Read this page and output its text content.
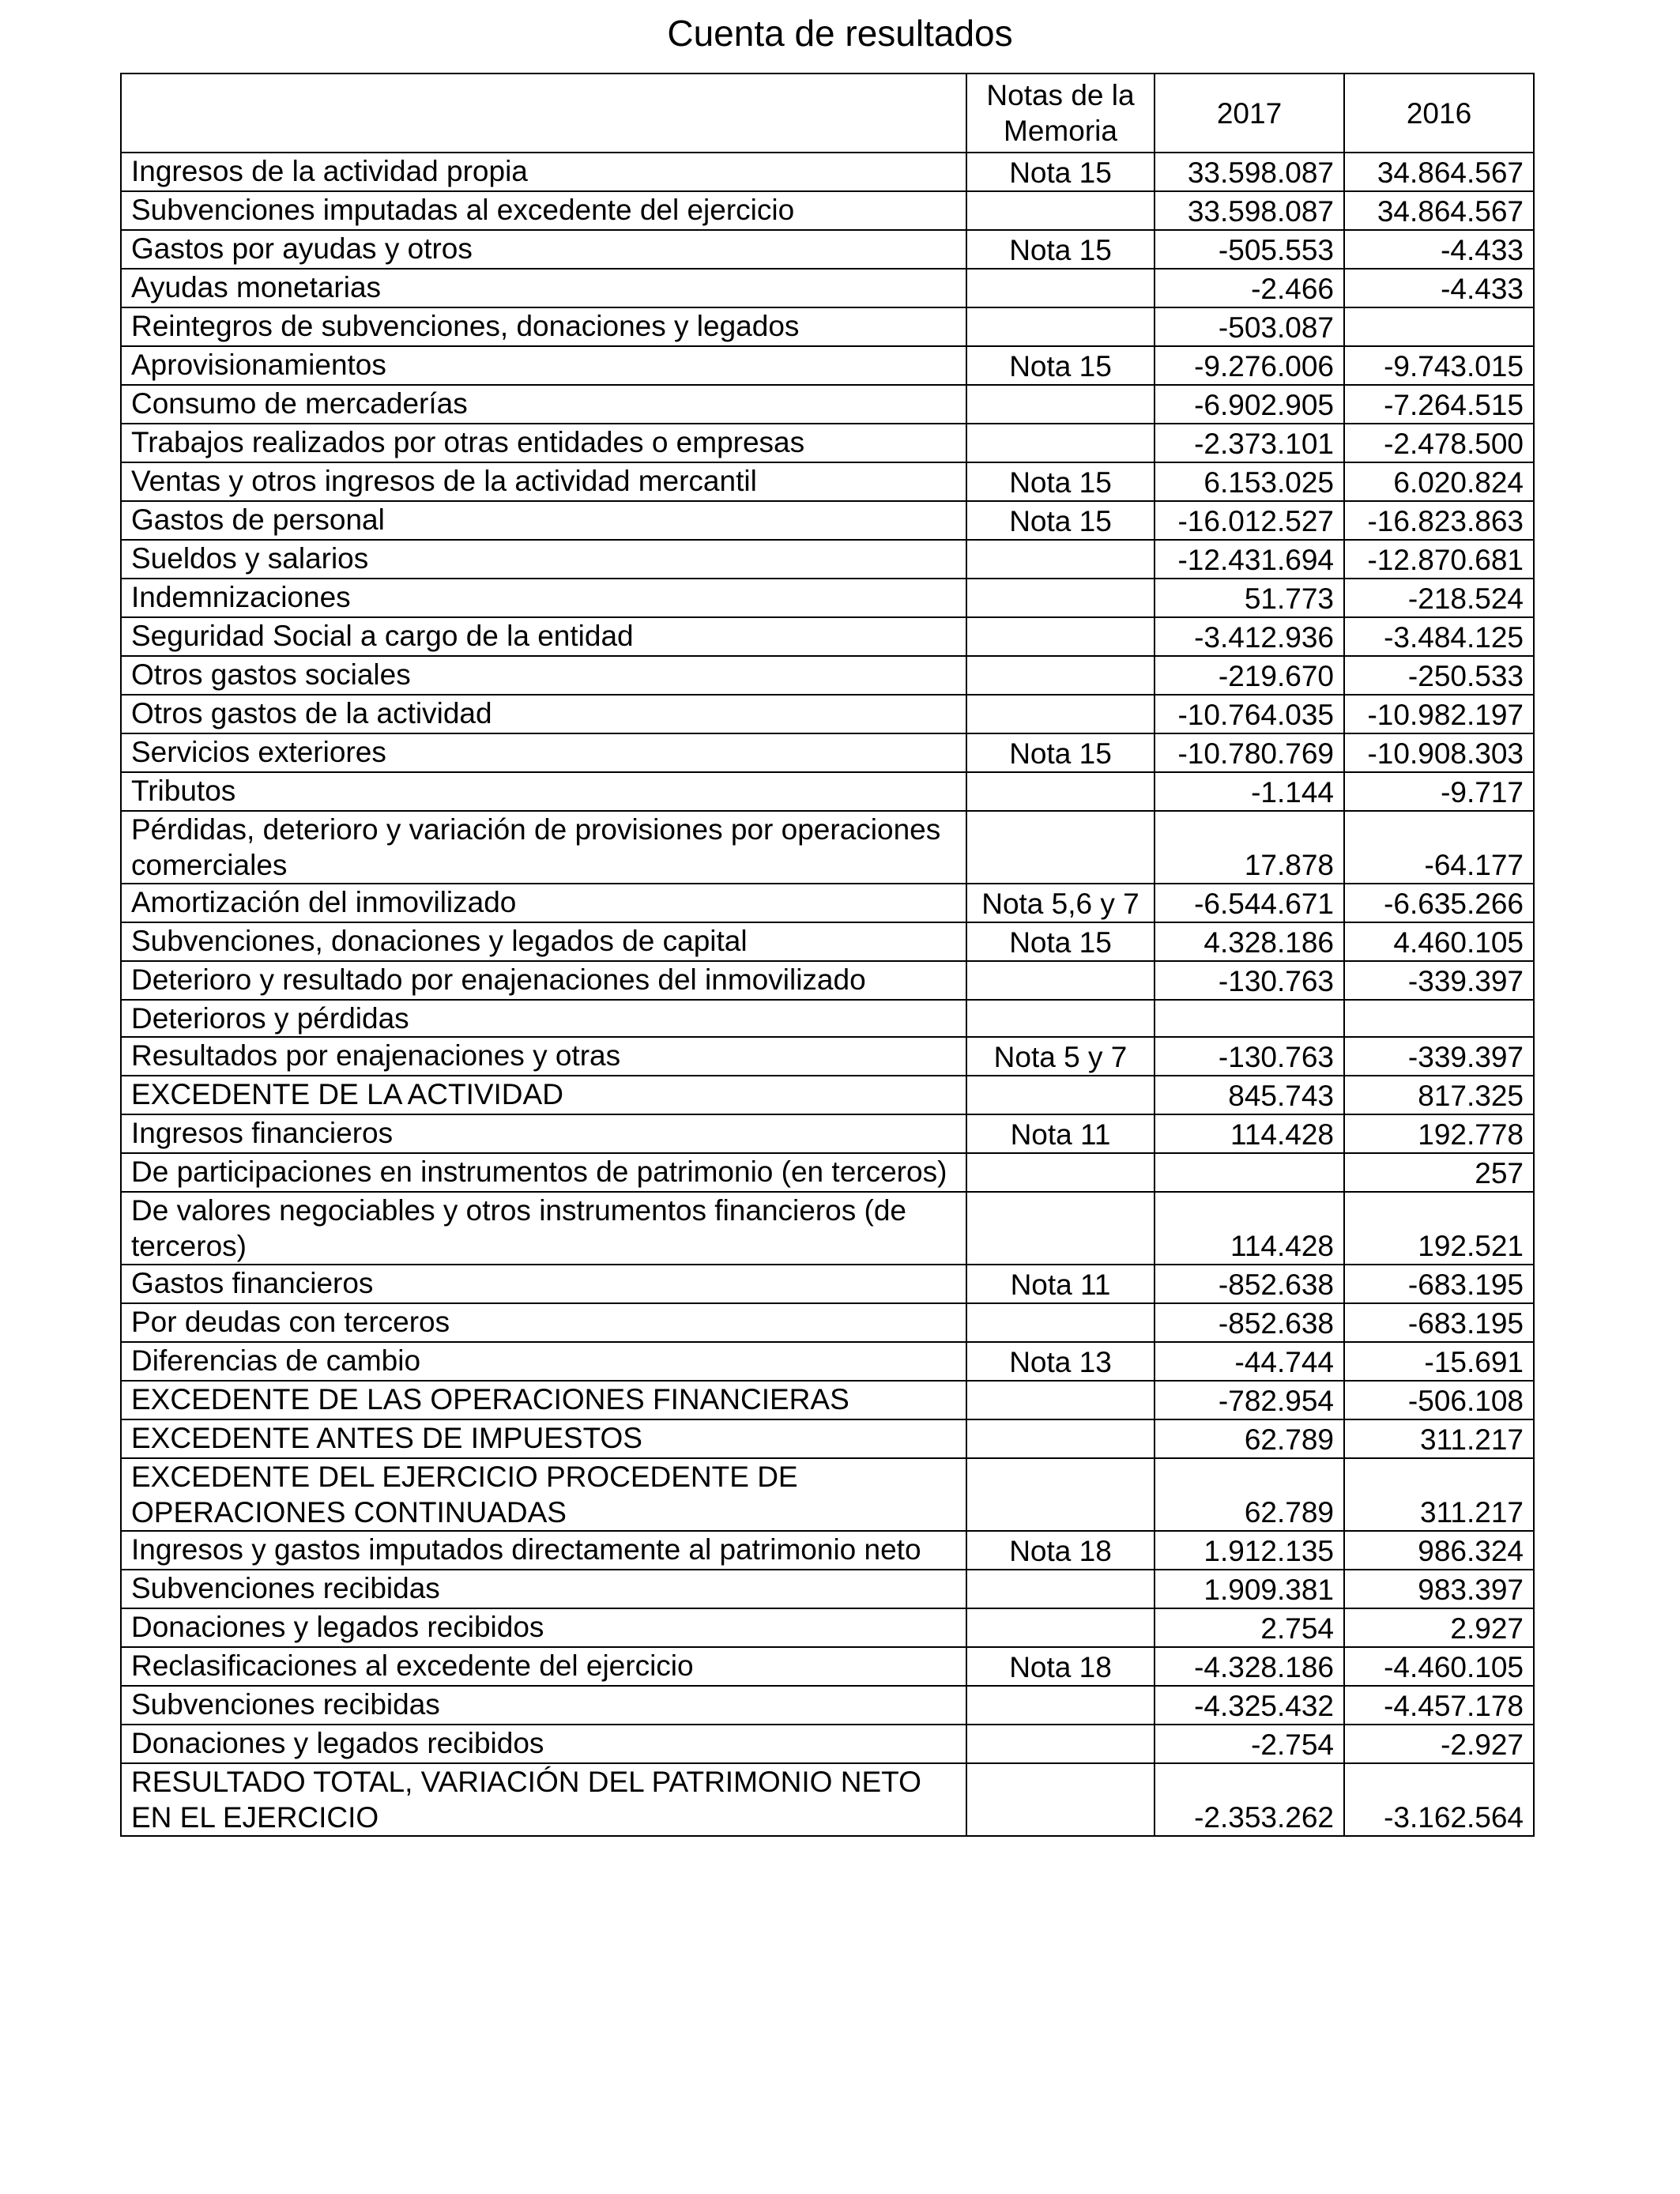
Cuenta de resultados
	Notas de la Memoria	2017	2016
Ingresos de la actividad propia	Nota 15	33.598.087	34.864.567
Subvenciones imputadas al excedente del ejercicio		33.598.087	34.864.567
Gastos por ayudas y otros	Nota 15	-505.553	-4.433
Ayudas monetarias		-2.466	-4.433
Reintegros de subvenciones, donaciones y legados		-503.087	
Aprovisionamientos	Nota 15	-9.276.006	-9.743.015
Consumo de mercaderías		-6.902.905	-7.264.515
Trabajos realizados por otras entidades o empresas		-2.373.101	-2.478.500
Ventas y otros ingresos de la actividad mercantil	Nota 15	6.153.025	6.020.824
Gastos de personal	Nota 15	-16.012.527	-16.823.863
Sueldos y salarios		-12.431.694	-12.870.681
Indemnizaciones		51.773	-218.524
Seguridad Social a cargo de la entidad		-3.412.936	-3.484.125
Otros gastos sociales		-219.670	-250.533
Otros gastos de la actividad		-10.764.035	-10.982.197
Servicios exteriores	Nota 15	-10.780.769	-10.908.303
Tributos		-1.144	-9.717
Pérdidas, deterioro y variación de provisiones por operaciones comerciales		17.878	-64.177
Amortización del inmovilizado	Nota 5,6 y 7	-6.544.671	-6.635.266
Subvenciones, donaciones y legados de capital	Nota 15	4.328.186	4.460.105
Deterioro y resultado por enajenaciones del inmovilizado		-130.763	-339.397
Deterioros y pérdidas			
Resultados por enajenaciones y otras	Nota 5 y 7	-130.763	-339.397
EXCEDENTE DE LA ACTIVIDAD		845.743	817.325
Ingresos financieros	Nota 11	114.428	192.778
De participaciones en instrumentos de patrimonio (en terceros)			257
De valores negociables y otros instrumentos financieros (de terceros)		114.428	192.521
Gastos financieros	Nota 11	-852.638	-683.195
Por deudas con terceros		-852.638	-683.195
Diferencias de cambio	Nota 13	-44.744	-15.691
EXCEDENTE DE LAS OPERACIONES FINANCIERAS		-782.954	-506.108
EXCEDENTE ANTES DE IMPUESTOS		62.789	311.217
EXCEDENTE DEL EJERCICIO PROCEDENTE DE OPERACIONES CONTINUADAS		62.789	311.217
Ingresos y gastos imputados directamente al patrimonio neto	Nota 18	1.912.135	986.324
Subvenciones recibidas		1.909.381	983.397
Donaciones y legados recibidos		2.754	2.927
Reclasificaciones al excedente del ejercicio	Nota 18	-4.328.186	-4.460.105
Subvenciones recibidas		-4.325.432	-4.457.178
Donaciones y legados recibidos		-2.754	-2.927
RESULTADO TOTAL, VARIACIÓN DEL PATRIMONIO NETO EN EL EJERCICIO		-2.353.262	-3.162.564
